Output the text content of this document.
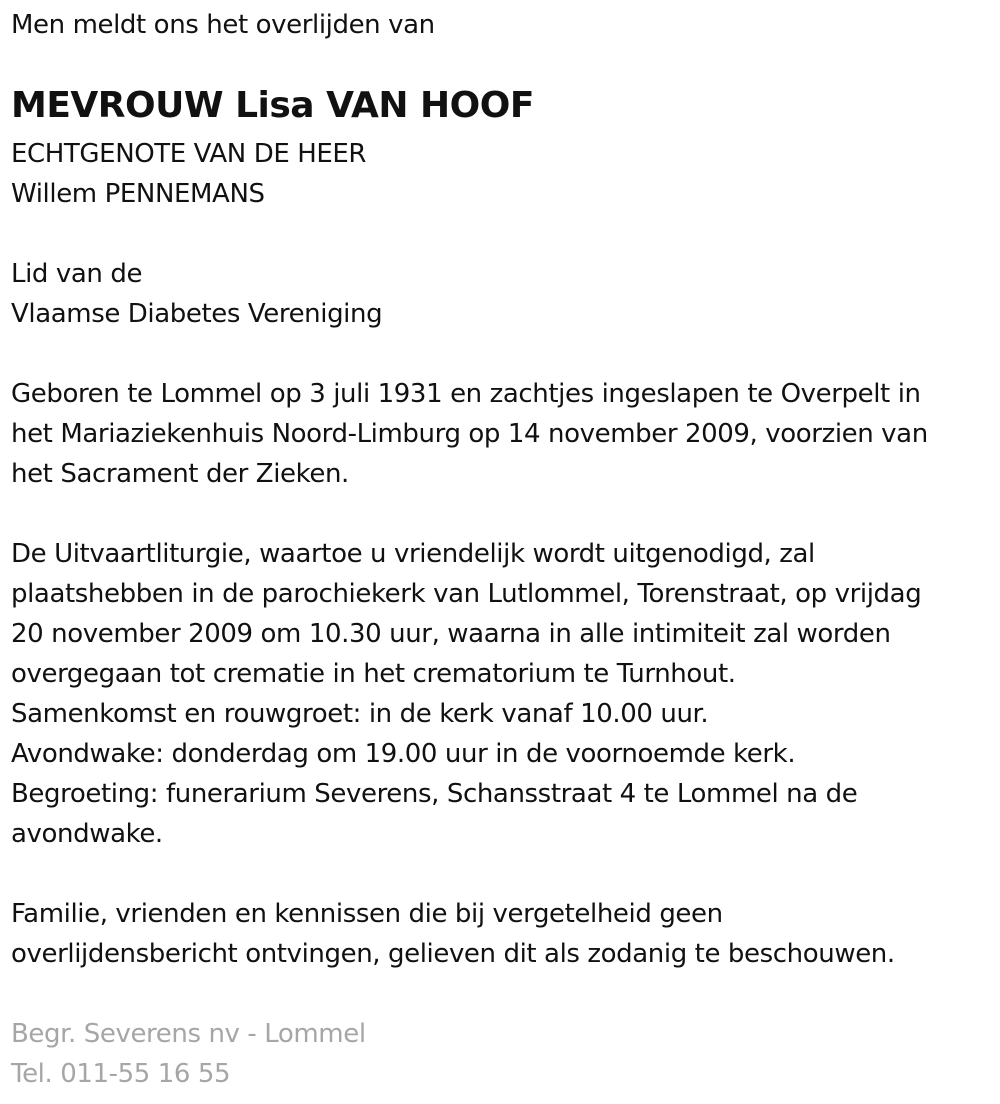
Men meldt ons het overlijden van

MEVROUW Lisa VAN HOOF

ECHTGENOTE VAN DE HEER

Willem PENNEMANS

Lid van de

Vlaamse Diabetes Vereniging

Geboren te Lommel op 3 juli 1931 en zachtjes ingeslapen te Overpelt in

het Mariaziekenhuis Noord-Limburg op 14 november 2009, voorzien van

het Sacrament der Zieken.

De Uitvaartliturgie, waartoe u vriendelijk wordt uitgenodigd, zal

plaatshebben in de parochiekerk van Lutlommel, Torenstraat, op vrijdag

20 november 2009 om 10.30 uur, waarna in alle intimiteit zal worden

overgegaan tot crematie in het crematorium te Turnhout.

Samenkomst en rouwgroet: in de kerk vanaf 10.00 uur.

Avondwake: donderdag om 19.00 uur in de voornoemde kerk.

Begroeting: funerarium Severens, Schansstraat 4 te Lommel na de

avondwake.

Familie, vrienden en kennissen die bij vergetelheid geen

overlijdensbericht ontvingen, gelieven dit als zodanig te beschouwen.

Begr. Severens nv - Lommel

Tel. 011-55 16 55
